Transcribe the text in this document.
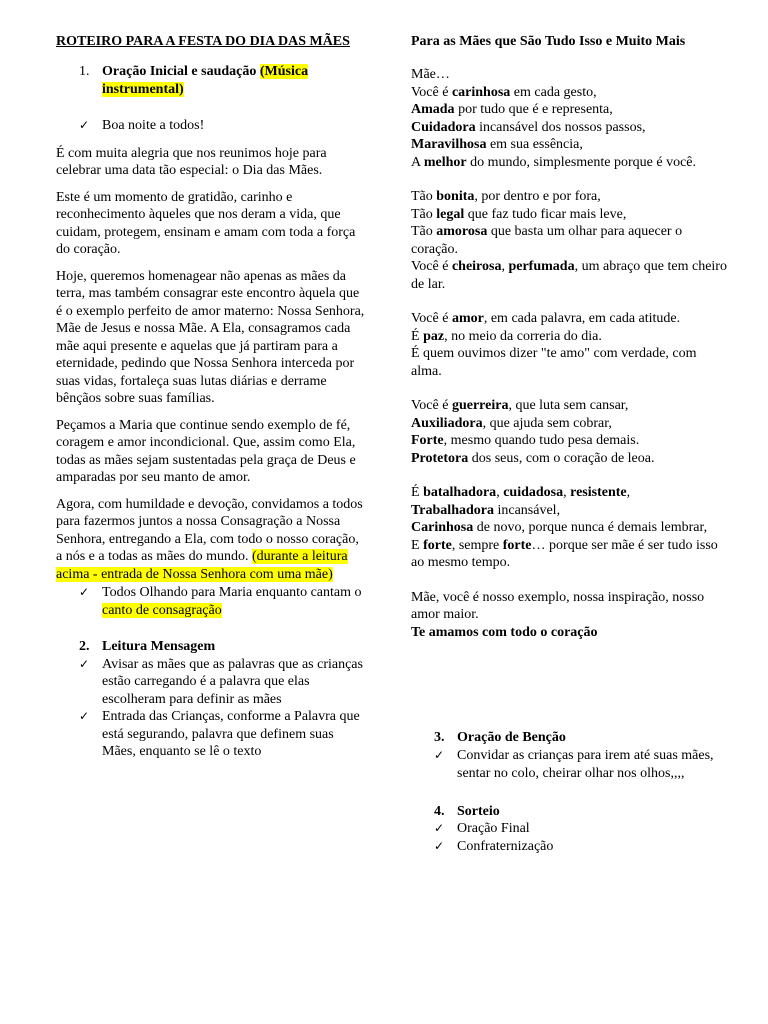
ROTEIRO PARA A FESTA DO DIA DAS MÃES
1. Oração Inicial e saudação (Música instrumental)
✓ Boa noite a todos!

É com muita alegria que nos reunimos hoje para celebrar uma data tão especial: o Dia das Mães.

Este é um momento de gratidão, carinho e reconhecimento àqueles que nos deram a vida, que cuidam, protegem, ensinam e amam com toda a força do coração.

Hoje, queremos homenagear não apenas as mães da terra, mas também consagrar este encontro àquela que é o exemplo perfeito de amor materno: Nossa Senhora, Mãe de Jesus e nossa Mãe. A Ela, consagramos cada mãe aqui presente e aquelas que já partiram para a eternidade, pedindo que Nossa Senhora interceda por suas vidas, fortaleça suas lutas diárias e derrame bênçãos sobre suas famílias.

Peçamos a Maria que continue sendo exemplo de fé, coragem e amor incondicional. Que, assim como Ela, todas as mães sejam sustentadas pela graça de Deus e amparadas por seu manto de amor.

Agora, com humildade e devoção, convidamos a todos para fazermos juntos a nossa Consagração a Nossa Senhora, entregando a Ela, com todo o nosso coração, a nós e a todas as mães do mundo. (durante a leitura acima - entrada de Nossa Senhora com uma mãe)

✓ Todos Olhando para Maria enquanto cantam o canto de consagração
2. Leitura Mensagem
✓ Avisar as mães que as palavras que as crianças estão carregando é a palavra que elas escolheram para definir as mães
✓ Entrada das Crianças, conforme a Palavra que está segurando, palavra que definem suas Mães, enquanto se lê o texto
Para as Mães que São Tudo Isso e Muito Mais
Mãe…
Você é carinhosa em cada gesto,
Amada por tudo que é e representa,
Cuidadora incansável dos nossos passos,
Maravilhosa em sua essência,
A melhor do mundo, simplesmente porque é você.
Tão bonita, por dentro e por fora,
Tão legal que faz tudo ficar mais leve,
Tão amorosa que basta um olhar para aquecer o coração.
Você é cheirosa, perfumada, um abraço que tem cheiro de lar.
Você é amor, em cada palavra, em cada atitude.
É paz, no meio da correria do dia.
É quem ouvimos dizer "te amo" com verdade, com alma.
Você é guerreira, que luta sem cansar,
Auxiliadora, que ajuda sem cobrar,
Forte, mesmo quando tudo pesa demais.
Protetora dos seus, com o coração de leoa.
É batalhadora, cuidadosa, resistente,
Trabalhadora incansável,
Carinhosa de novo, porque nunca é demais lembrar,
E forte, sempre forte… porque ser mãe é ser tudo isso ao mesmo tempo.
Mãe, você é nosso exemplo, nossa inspiração, nosso amor maior.
Te amamos com todo o coração
3. Oração de Benção
✓ Convidar as crianças para irem até suas mães, sentar no colo, cheirar olhar nos olhos,,,,
4. Sorteio
✓ Oração Final
✓ Confraternização
